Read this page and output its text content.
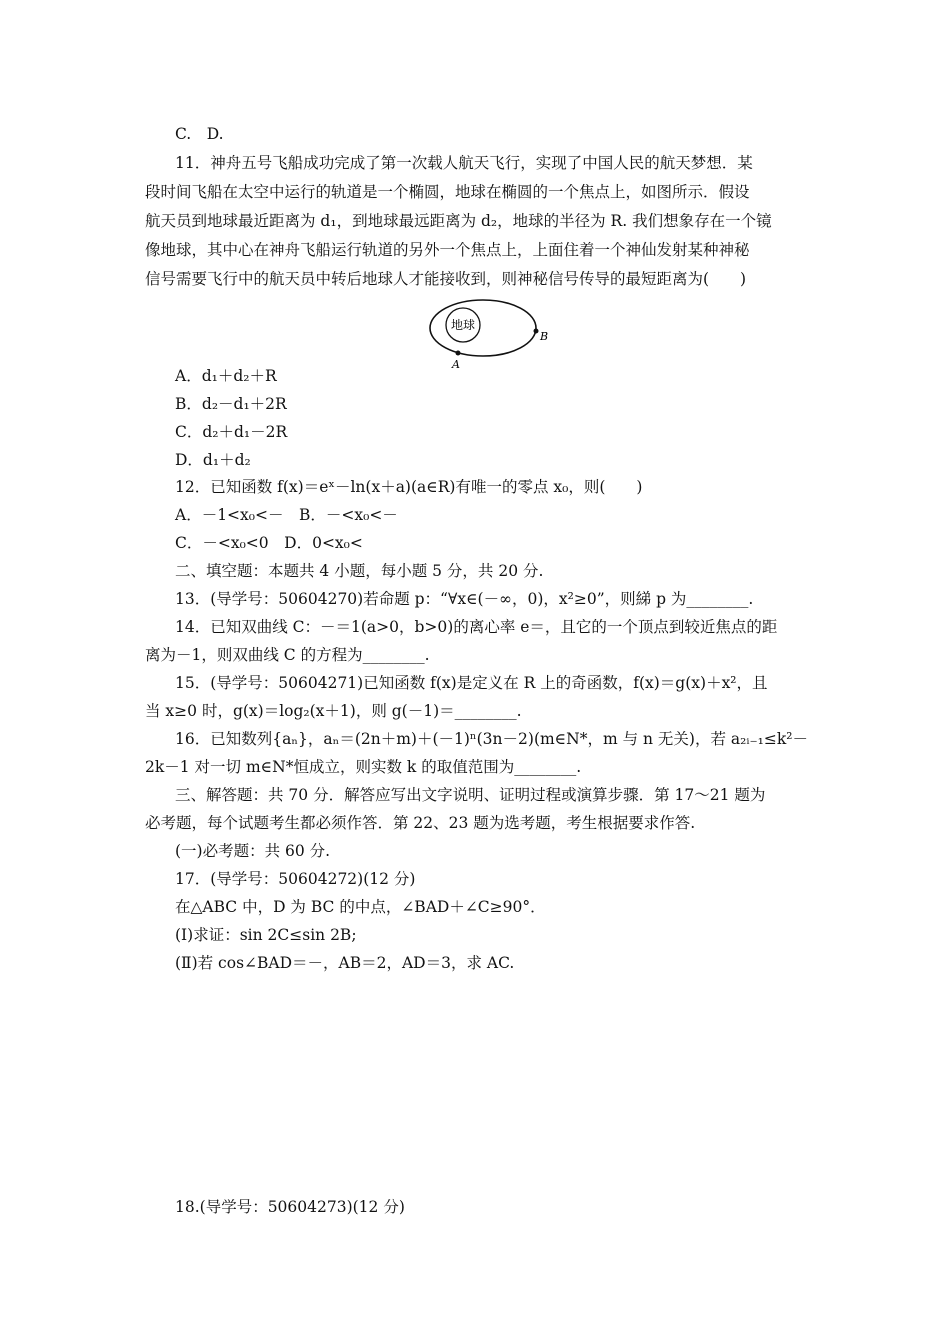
C.　D.
11．神舟五号飞船成功完成了第一次载人航天飞行，实现了中国人民的航天梦想．某
段时间飞船在太空中运行的轨道是一个椭圆，地球在椭圆的一个焦点上，如图所示．假设
航天员到地球最近距离为 d₁，到地球最远距离为 d₂，地球的半径为 R. 我们想象存在一个镜
像地球，其中心在神舟飞船运行轨道的另外一个焦点上，上面住着一个神仙发射某种神秘
信号需要飞行中的航天员中转后地球人才能接收到，则神秘信号传导的最短距离为(　　)
地球
B
A
A．d₁＋d₂＋R
B．d₂－d₁＋2R
C．d₂＋d₁－2R
D．d₁＋d₂
12．已知函数 f(x)＝eˣ－ln(x＋a)(a∈R)有唯一的零点 x₀，则(　　)
A．－1<x₀<－　B．－<x₀<－
C．－<x₀<0　D．0<x₀<
二、填空题：本题共 4 小题，每小题 5 分，共 20 分.
13．(导学号：50604270)若命题 p：“∀x∈(－∞，0)，x²≥0”，则綈 p 为________.
14．已知双曲线 C：－＝1(a>0，b>0)的离心率 e＝，且它的一个顶点到较近焦点的距
离为－1，则双曲线 C 的方程为________.
15．(导学号：50604271)已知函数 f(x)是定义在 R 上的奇函数，f(x)＝g(x)＋x²，且
当 x≥0 时，g(x)＝log₂(x＋1)，则 g(－1)＝________.
16．已知数列{aₙ}，aₙ＝(2n＋m)＋(－1)ⁿ(3n－2)(m∈N*，m 与 n 无关)，若 a₂ᵢ₋₁≤k²－
2k－1 对一切 m∈N*恒成立，则实数 k 的取值范围为________.
三、解答题：共 70 分．解答应写出文字说明、证明过程或演算步骤．第 17～21 题为
必考题，每个试题考生都必须作答．第 22、23 题为选考题，考生根据要求作答.
(一)必考题：共 60 分.
17．(导学号：50604272)(12 分)
在△ABC 中，D 为 BC 的中点，∠BAD＋∠C≥90°．
(Ⅰ)求证：sin 2C≤sin 2B;
(Ⅱ)若 cos∠BAD＝－，AB＝2，AD＝3，求 AC.
18.(导学号：50604273)(12 分)
